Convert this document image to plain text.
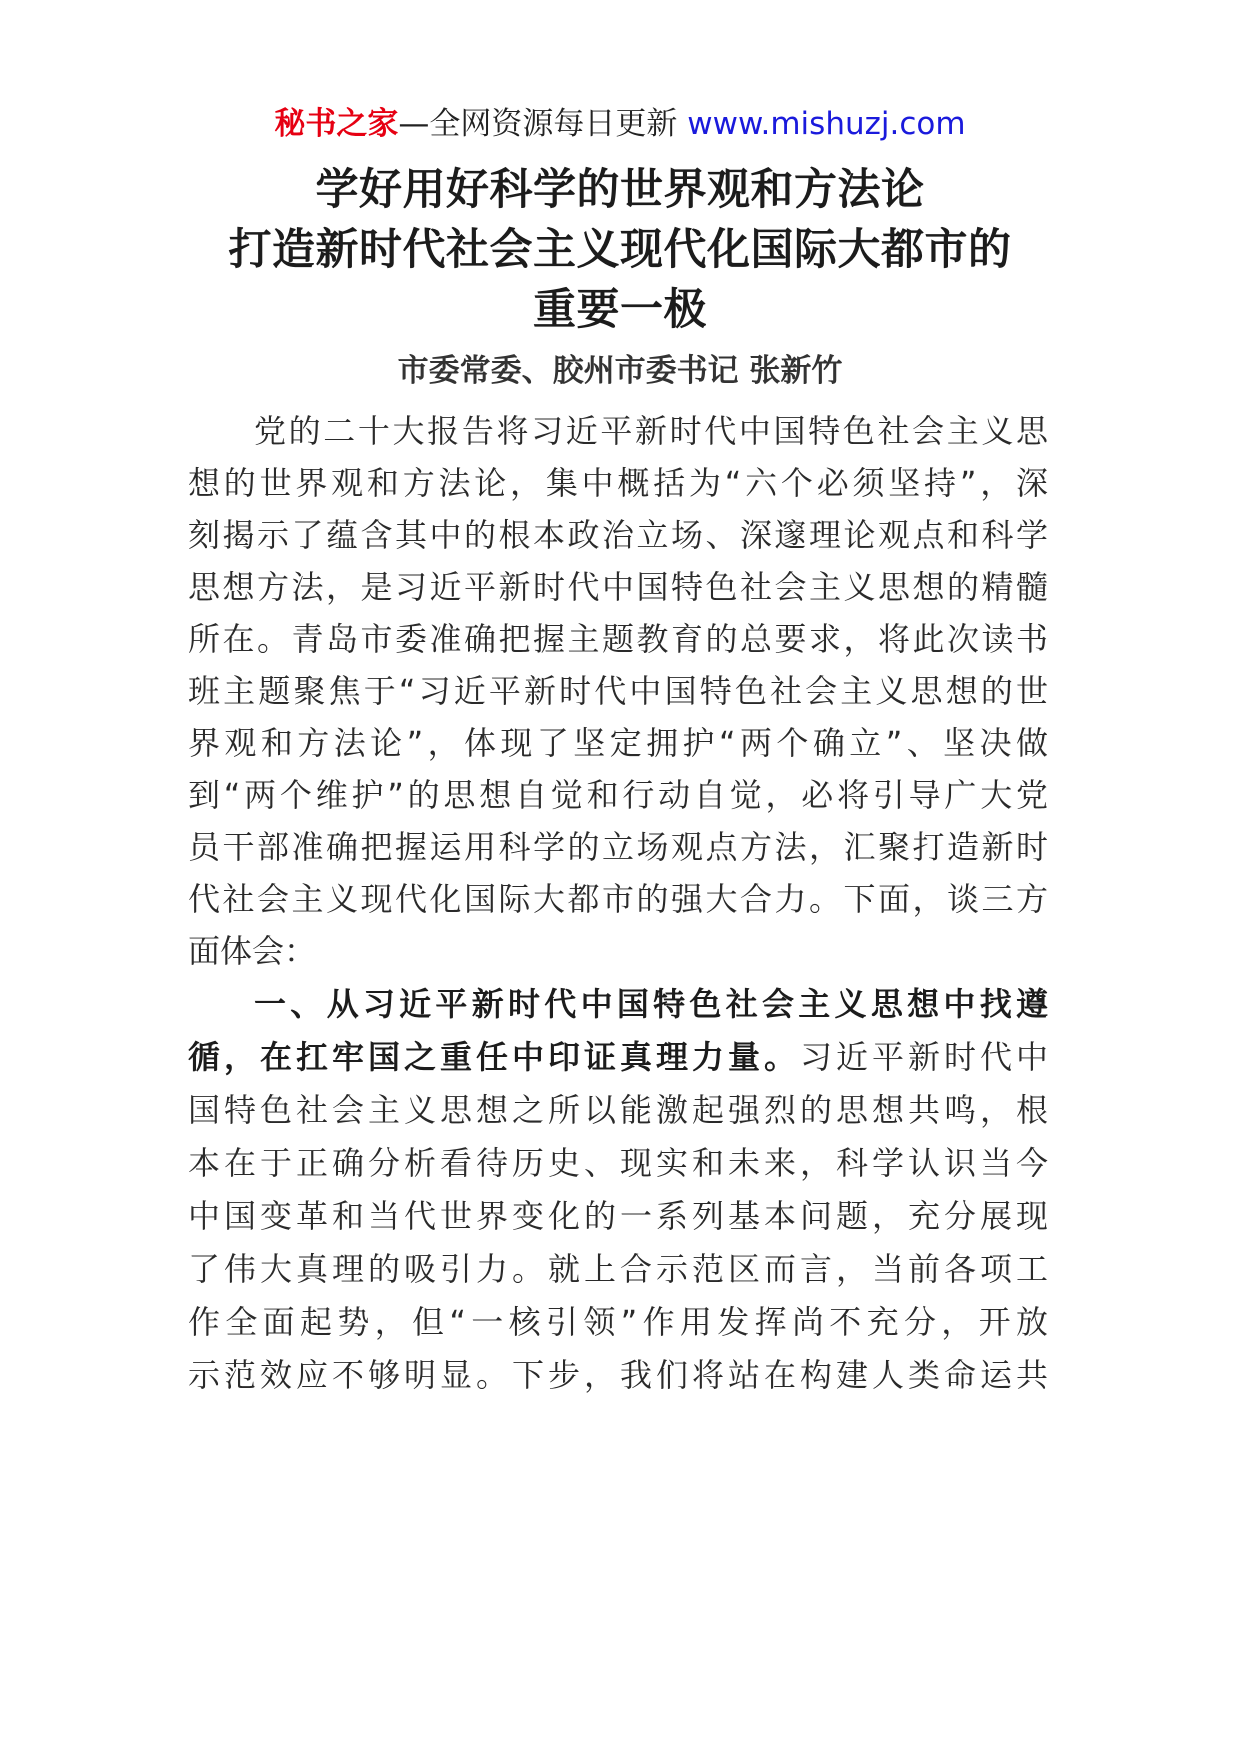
秘书之家—全网资源每日更新 www.mishuzj.com
学好用好科学的世界观和方法论
打造新时代社会主义现代化国际大都市的
重要一极
市委常委、胶州市委书记 张新竹
党的二十大报告将习近平新时代中国特色社会主义思
想的世界观和方法论，集中概括为“六个必须坚持”，深
刻揭示了蕴含其中的根本政治立场、深邃理论观点和科学
思想方法，是习近平新时代中国特色社会主义思想的精髓
所在。青岛市委准确把握主题教育的总要求，将此次读书
班主题聚焦于“习近平新时代中国特色社会主义思想的世
界观和方法论”，体现了坚定拥护“两个确立”、坚决做
到“两个维护”的思想自觉和行动自觉，必将引导广大党
员干部准确把握运用科学的立场观点方法，汇聚打造新时
代社会主义现代化国际大都市的强大合力。下面，谈三方
面体会：
一、从习近平新时代中国特色社会主义思想中找遵
循，在扛牢国之重任中印证真理力量。习近平新时代中
国特色社会主义思想之所以能激起强烈的思想共鸣，根
本在于正确分析看待历史、现实和未来，科学认识当今
中国变革和当代世界变化的一系列基本问题，充分展现
了伟大真理的吸引力。就上合示范区而言，当前各项工
作全面起势，但“一核引领”作用发挥尚不充分，开放
示范效应不够明显。下步，我们将站在构建人类命运共
